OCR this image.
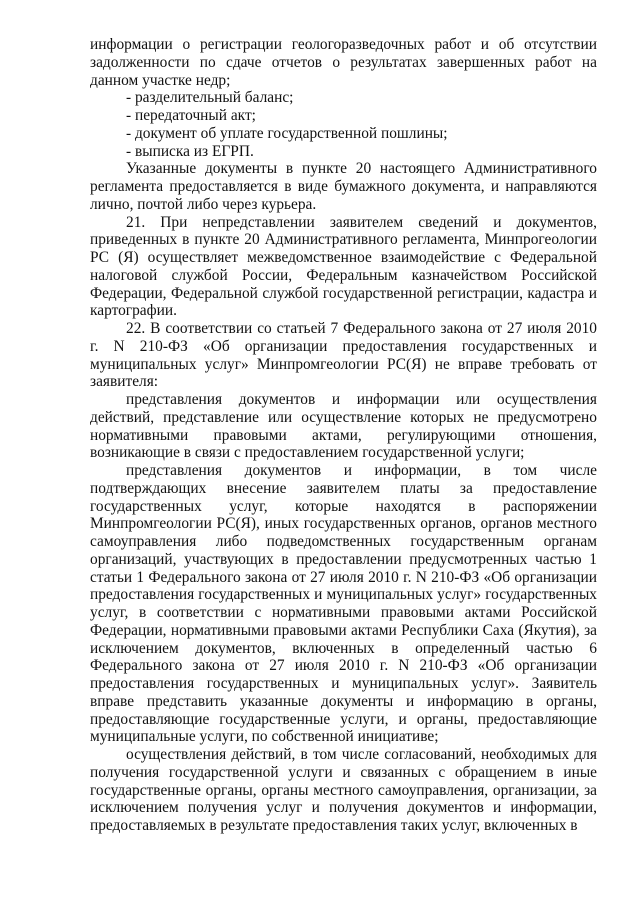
информации о регистрации геологоразведочных работ и об отсутствии задолженности по сдаче отчетов о результатах завершенных работ на данном участке недр;

- разделительный баланс;

- передаточный акт;

- документ об уплате государственной пошлины;

- выписка из ЕГРП.

Указанные документы в пункте 20 настоящего Административного регламента предоставляется в виде бумажного документа, и направляются лично, почтой либо через курьера.

21. При непредставлении заявителем сведений и документов, приведенных в пункте 20 Административного регламента, Минпрогеологии РС (Я) осуществляет межведомственное взаимодействие с Федеральной налоговой службой России, Федеральным казначейством Российской Федерации, Федеральной службой государственной регистрации, кадастра и картографии.

22. В соответствии со статьей 7 Федерального закона от 27 июля 2010 г. N 210-ФЗ «Об организации предоставления государственных и муниципальных услуг» Минпромгеологии РС(Я) не вправе требовать от заявителя:

представления документов и информации или осуществления действий, представление или осуществление которых не предусмотрено нормативными правовыми актами, регулирующими отношения, возникающие в связи с предоставлением государственной услуги;

представления документов и информации, в том числе подтверждающих внесение заявителем платы за предоставление государственных услуг, которые находятся в распоряжении Минпромгеологии РС(Я), иных государственных органов, органов местного самоуправления либо подведомственных государственным органам организаций, участвующих в предоставлении предусмотренных частью 1 статьи 1 Федерального закона от 27 июля 2010 г. N 210-ФЗ «Об организации предоставления государственных и муниципальных услуг» государственных услуг, в соответствии с нормативными правовыми актами Российской Федерации, нормативными правовыми актами Республики Саха (Якутия), за исключением документов, включенных в определенный частью 6 Федерального закона от 27 июля 2010 г. N 210-ФЗ «Об организации предоставления государственных и муниципальных услуг». Заявитель вправе представить указанные документы и информацию в органы, предоставляющие государственные услуги, и органы, предоставляющие муниципальные услуги, по собственной инициативе;

осуществления действий, в том числе согласований, необходимых для получения государственной услуги и связанных с обращением в иные государственные органы, органы местного самоуправления, организации, за исключением получения услуг и получения документов и информации, предоставляемых в результате предоставления таких услуг, включенных в
